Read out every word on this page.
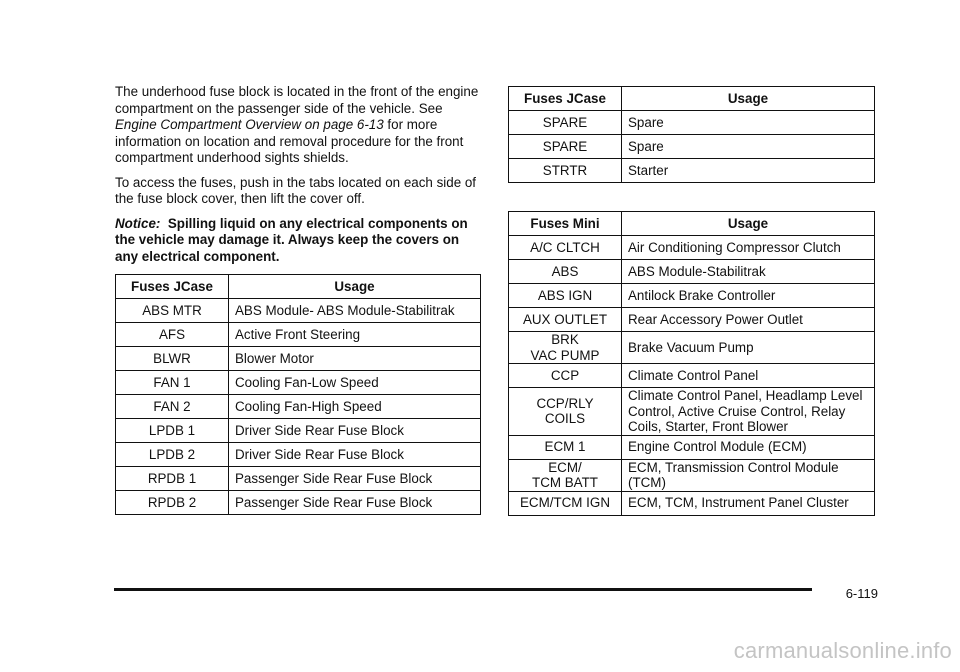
The underhood fuse block is located in the front of the engine compartment on the passenger side of the vehicle. See Engine Compartment Overview on page 6‑13 for more information on location and removal procedure for the front compartment underhood sights shields.

To access the fuses, push in the tabs located on each side of the fuse block cover, then lift the cover off.

Notice: Spilling liquid on any electrical components on the vehicle may damage it. Always keep the covers on any electrical component.

Fuses JCase	Usage
ABS MTR	ABS Module- ABS Module-Stabilitrak
AFS	Active Front Steering
BLWR	Blower Motor
FAN 1	Cooling Fan-Low Speed
FAN 2	Cooling Fan-High Speed
LPDB 1	Driver Side Rear Fuse Block
LPDB 2	Driver Side Rear Fuse Block
RPDB 1	Passenger Side Rear Fuse Block
RPDB 2	Passenger Side Rear Fuse Block
Fuses JCase	Usage
SPARE	Spare
SPARE	Spare
STRTR	Starter
Fuses Mini	Usage
A/C CLTCH	Air Conditioning Compressor Clutch
ABS	ABS Module-Stabilitrak
ABS IGN	Antilock Brake Controller
AUX OUTLET	Rear Accessory Power Outlet
BRK
VAC PUMP	Brake Vacuum Pump
CCP	Climate Control Panel
CCP/RLY
COILS	Climate Control Panel, Headlamp Level Control, Active Cruise Control, Relay Coils, Starter, Front Blower
ECM 1	Engine Control Module (ECM)
ECM/
TCM BATT	ECM, Transmission Control Module (TCM)
ECM/TCM IGN	ECM, TCM, Instrument Panel Cluster
6-119
carmanualsonline.info
